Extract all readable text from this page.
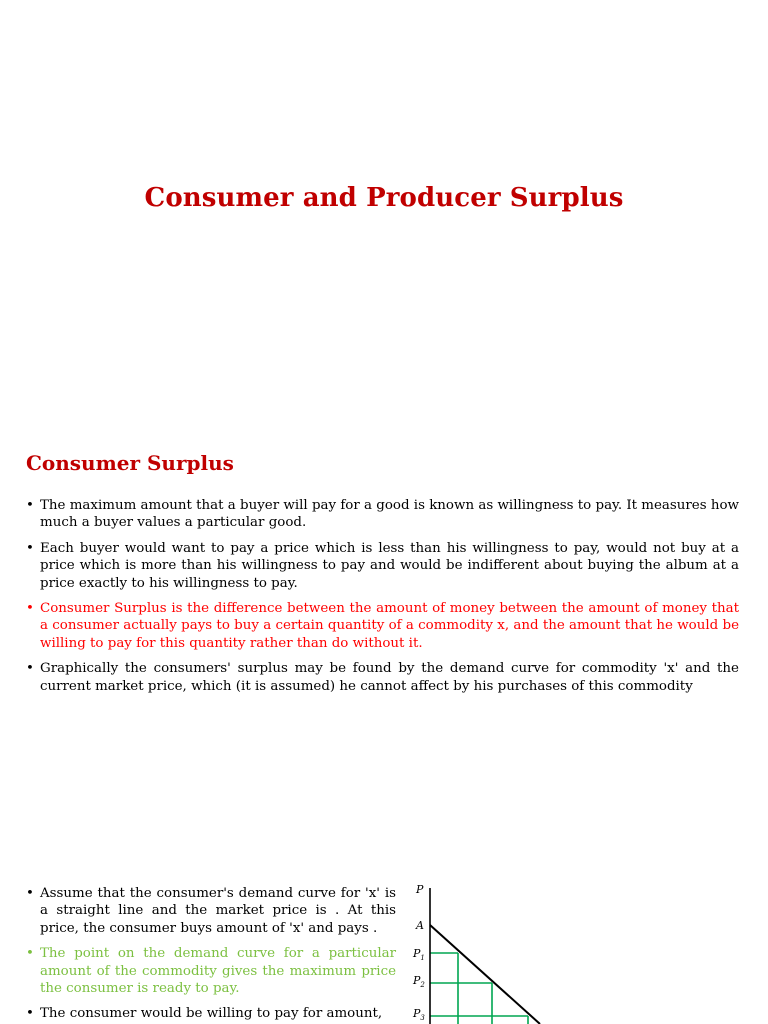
Consumer and Producer Surplus
Consumer Surplus
• The maximum amount that a buyer will pay for a good is known as willingness to pay. It measures how much a buyer values a particular good.
• Each buyer would want to pay a price which is less than his willingness to pay, would not buy at a price which is more than his willingness to pay and would be indifferent about buying the album at a price exactly to his willingness to pay.
• Consumer Surplus is the difference between the amount of money between the amount of money that a consumer actually pays to buy a certain quantity of a commodity x, and the amount that he would be willing to pay for this quantity rather than do without it.
• Graphically the consumers' surplus may be found by the demand curve for commodity 'x' and the current market price, which (it is assumed) he cannot affect by his purchases of this commodity
• Assume that the consumer's demand curve for 'x' is a straight line and the market price is . At this price, the consumer buys amount of 'x' and pays .
• The point on the demand curve for a particular amount of the commodity gives the maximum price the consumer is ready to pay.
• The consumer would be willing to pay for amount,
P
A
$P_1$
$P_2$
$P_3$
